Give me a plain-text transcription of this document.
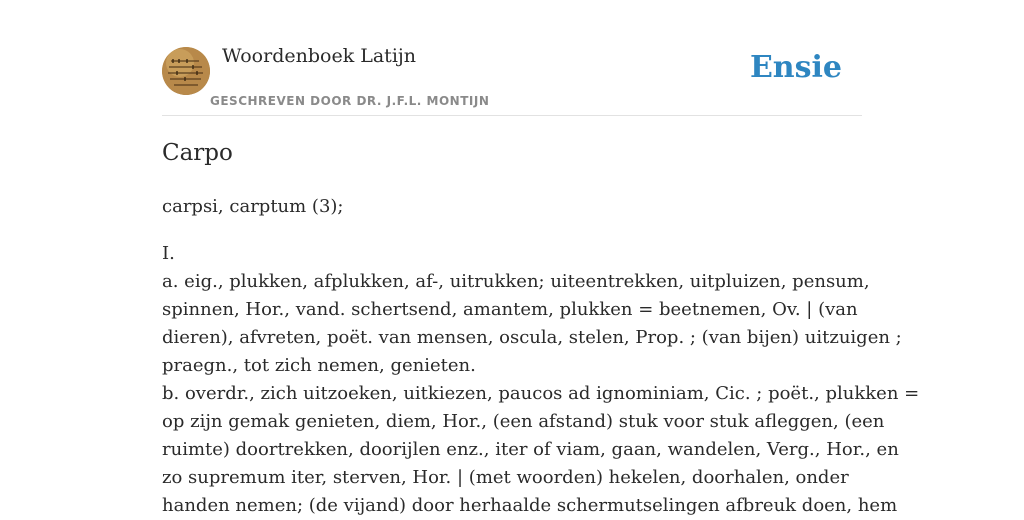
Woordenboek Latijn
GESCHREVEN DOOR DR. J.F.L. MONTIJN
Ensie
Carpo

carpsi, carptum (3);

I.
a. eig., plukken, afplukken, af-, uitrukken; uiteentrekken, uitpluizen, pensum,
spinnen, Hor., vand. schertsend, amantem, plukken = beetnemen, Ov. | (van
dieren), afvreten, poët. van mensen, oscula, stelen, Prop. ; (van bijen) uitzuigen ;
praegn., tot zich nemen, genieten.
b. overdr., zich uitzoeken, uitkiezen, paucos ad ignominiam, Cic. ; poët., plukken =
op zijn gemak genieten, diem, Hor., (een afstand) stuk voor stuk afleggen, (een
ruimte) doortrekken, doorijlen enz., iter of viam, gaan, wandelen, Verg., Hor., en
zo supremum iter, sterven, Hor. | (met woorden) hekelen, doorhalen, onder
handen nemen; (de vijand) door herhaalde schermutselingen afbreuk doen, hem
